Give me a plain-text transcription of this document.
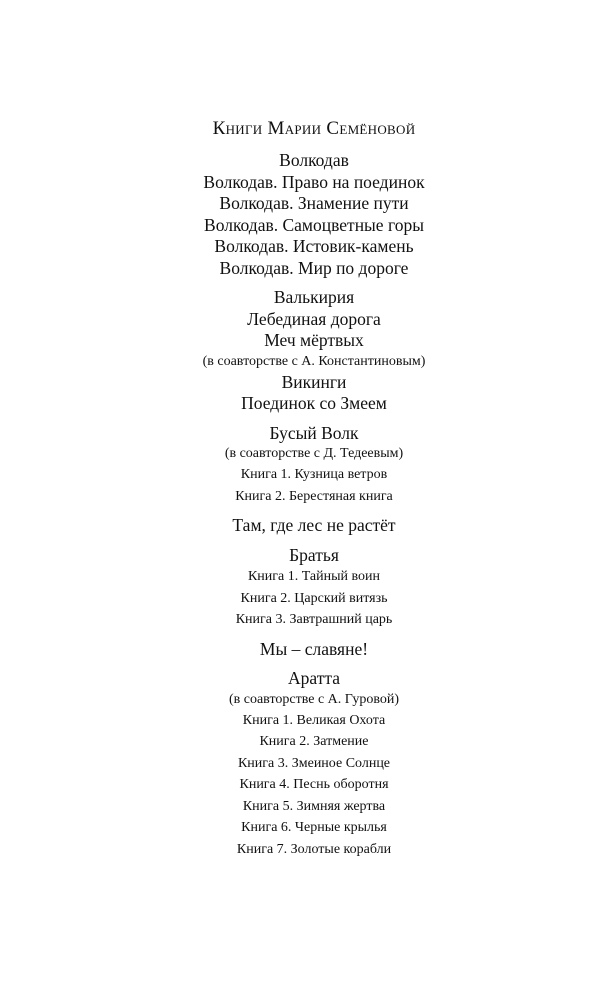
Книги Марии Семёновой
Волкодав
Волкодав. Право на поединок
Волкодав. Знамение пути
Волкодав. Самоцветные горы
Волкодав. Истовик-камень
Волкодав. Мир по дороге
Валькирия
Лебединая дорога
Меч мёртвых
(в соавторстве с А. Константиновым)
Викинги
Поединок со Змеем
Бусый Волк
(в соавторстве с Д. Тедеевым)
Книга 1. Кузница ветров
Книга 2. Берестяная книга
Там, где лес не растёт
Братья
Книга 1. Тайный воин
Книга 2. Царский витязь
Книга 3. Завтрашний царь
Мы – славяне!
Аратта
(в соавторстве с А. Гуровой)
Книга 1. Великая Охота
Книга 2. Затмение
Книга 3. Змеиное Солнце
Книга 4. Песнь оборотня
Книга 5. Зимняя жертва
Книга 6. Черные крылья
Книга 7. Золотые корабли
